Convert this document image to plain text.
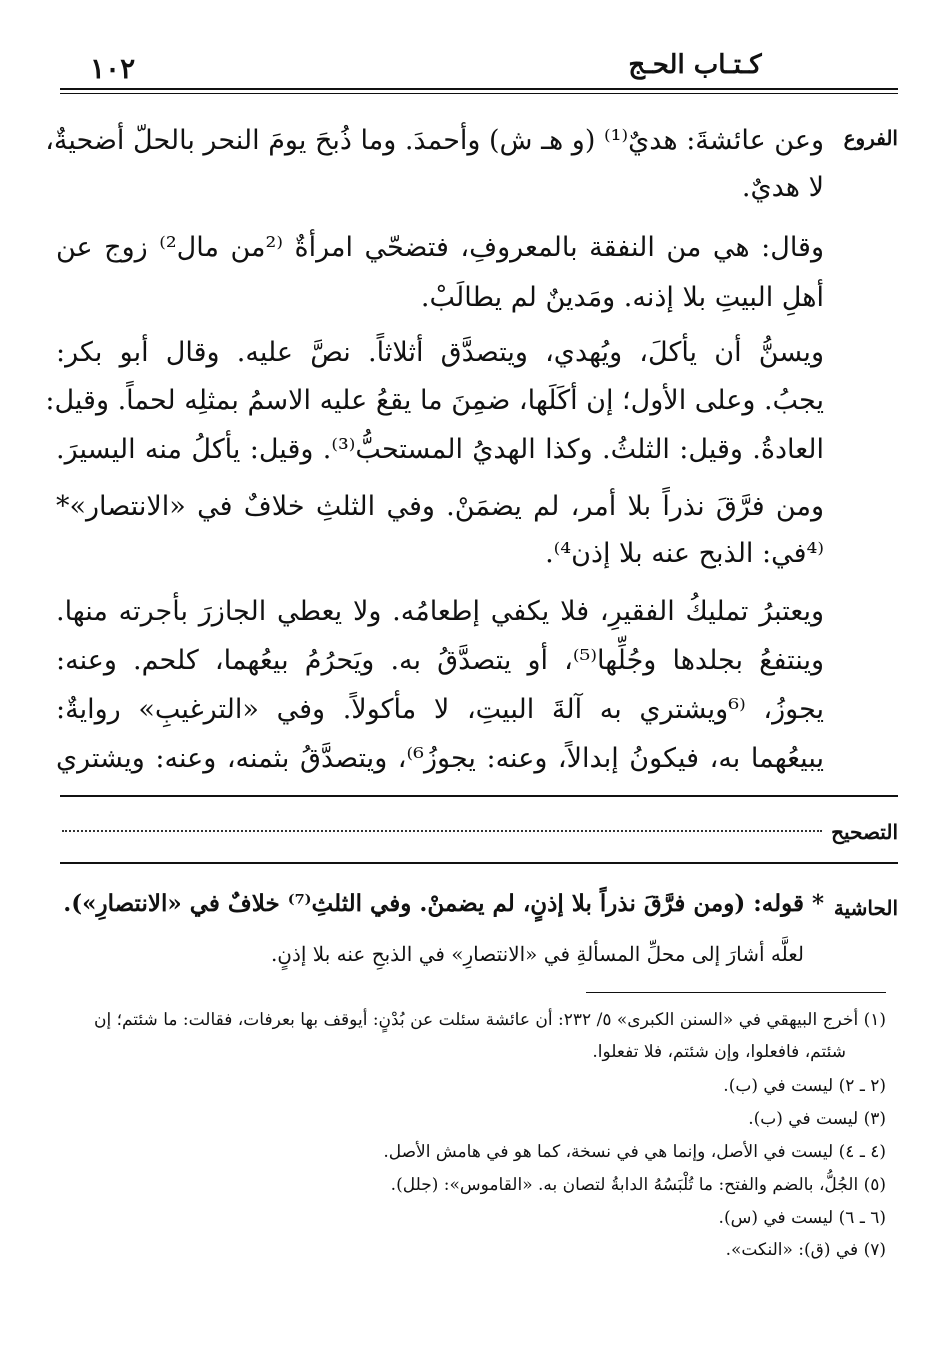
١٠٢	كـتـاب الحـج
الفروع
التصحيح
الحاشية
وعن عائشةَ: هديٌ⁽¹⁾ (و هـ ش) وأحمدَ. وما ذُبحَ يومَ النحر بالحلّ أضحيةٌ،
لا هديٌ.
وقال: هي من النفقة بالمعروفِ، فتضحّي امرأةٌ ⁽²من مال²⁾ زوج عن
أهلِ البيتِ بلا إذنه. ومَدينٌ لم يطالَبْ.
ويسنُّ أن يأكلَ، ويُهدي، ويتصدَّق أثلاثاً. نصَّ عليه. وقال أبو بكر:
يجبُ. وعلى الأول؛ إن أكَلَها، ضمِنَ ما يقعُ عليه الاسمُ بمثلِه لحماً. وقيل:
العادةُ. وقيل: الثلثُ. وكذا الهديُ المستحبُّ⁽³⁾. وقيل: يأكلُ منه اليسيرَ.
ومن فرَّقَ نذراً بلا أمر، لم يضمَنْ. وفي الثلثِ خلافٌ في «الانتصار»*
⁽⁴في: الذبح عنه بلا إذن⁴⁾.
ويعتبرُ تمليكُ الفقيرِ، فلا يكفي إطعامُه. ولا يعطي الجازرَ بأجرته منها.
وينتفعُ بجلدها وجُلِّها⁽⁵⁾، أو يتصدَّقُ به. ويَحرُمُ بيعُهما، كلحم. وعنه:
يجوزُ، ⁽⁶ويشتري به آلةَ البيتِ، لا مأكولاً. وفي «الترغيبِ» روايةٌ:
يبيعُهما به، فيكونُ إبدالاً، وعنه: يجوزُ⁶⁾، ويتصدَّقُ بثمنه، وعنه: ويشتري
* قوله: (ومن فرَّقَ نذراً بلا إذنٍ، لم يضمنْ. وفي الثلثِ⁽⁷⁾ خلافٌ في «الانتصارِ»).
لعلَّه أشارَ إلى محلِّ المسألةِ في «الانتصارِ» في الذبحِ عنه بلا إذنٍ.
(١) أخرج البيهقي في «السنن الكبرى» ٥/ ٢٣٢: أن عائشة سئلت عن بُدْنٍ: أيوقف بها بعرفات، فقالت: ما شئتم؛ إن
شئتم، فافعلوا، وإن شئتم، فلا تفعلوا.
(٢ ـ ٢) ليست في (ب).
(٣) ليست في (ب).
(٤ ـ ٤) ليست في الأصل، وإنما هي في نسخة، كما هو في هامش الأصل.
(٥) الجُلُّ، بالضم والفتح: ما تُلْبَسُهُ الدابةُ لتصان به. «القاموس»: (جلل).
(٦ ـ ٦) ليست في (س).
(٧) في (ق): «النكت».
